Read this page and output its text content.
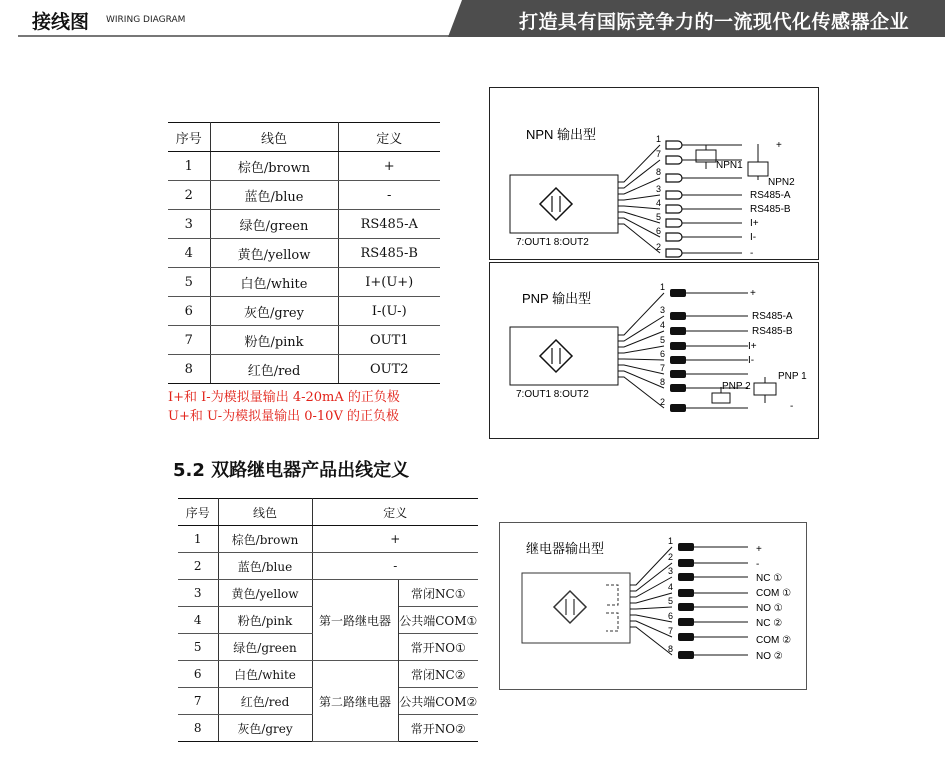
接线图 WIRING DIAGRAM	打造具有国际竞争力的一流现代化传感器企业
序号	线色	定义
1	棕色/brown	+
2	蓝色/blue	-
3	绿色/green	RS485-A
4	黄色/yellow	RS485-B
5	白色/white	I+(U+)
6	灰色/grey	I-(U-)
7	粉色/pink	OUT1
8	红色/red	OUT2
I+和 I-为模拟量输出 4-20mA 的正负极
U+和 U-为模拟量输出 0-10V 的正负极
5.2 双路继电器产品出线定义
序号	线色	定义	
1	棕色/brown	+	
2	蓝色/blue	-	
3	黄色/yellow	第一路继电器	常闭NC①
4	粉色/pink		公共端COM①
5	绿色/green		常开NO①
6	白色/white	第二路继电器	常闭NC②
7	红色/red		公共端COM②
8	灰色/grey		常开NO②
NPN 输出型
7:OUT1 8:OUT2
1
+
7
NPN1
8
NPN2
3
RS485-A
4
RS485-B
5
I+
6
I-
2
-
PNP 输出型
7:OUT1 8:OUT2
1
+
3
RS485-A
4
RS485-B
5
I+
6
I-
7
PNP 1
8	PNP 2
2	-
继电器输出型	1
+
2
-
3
NC ①
4
COM ①
5
NO ①
6
NC ②
7
COM ②
8
NO ②
